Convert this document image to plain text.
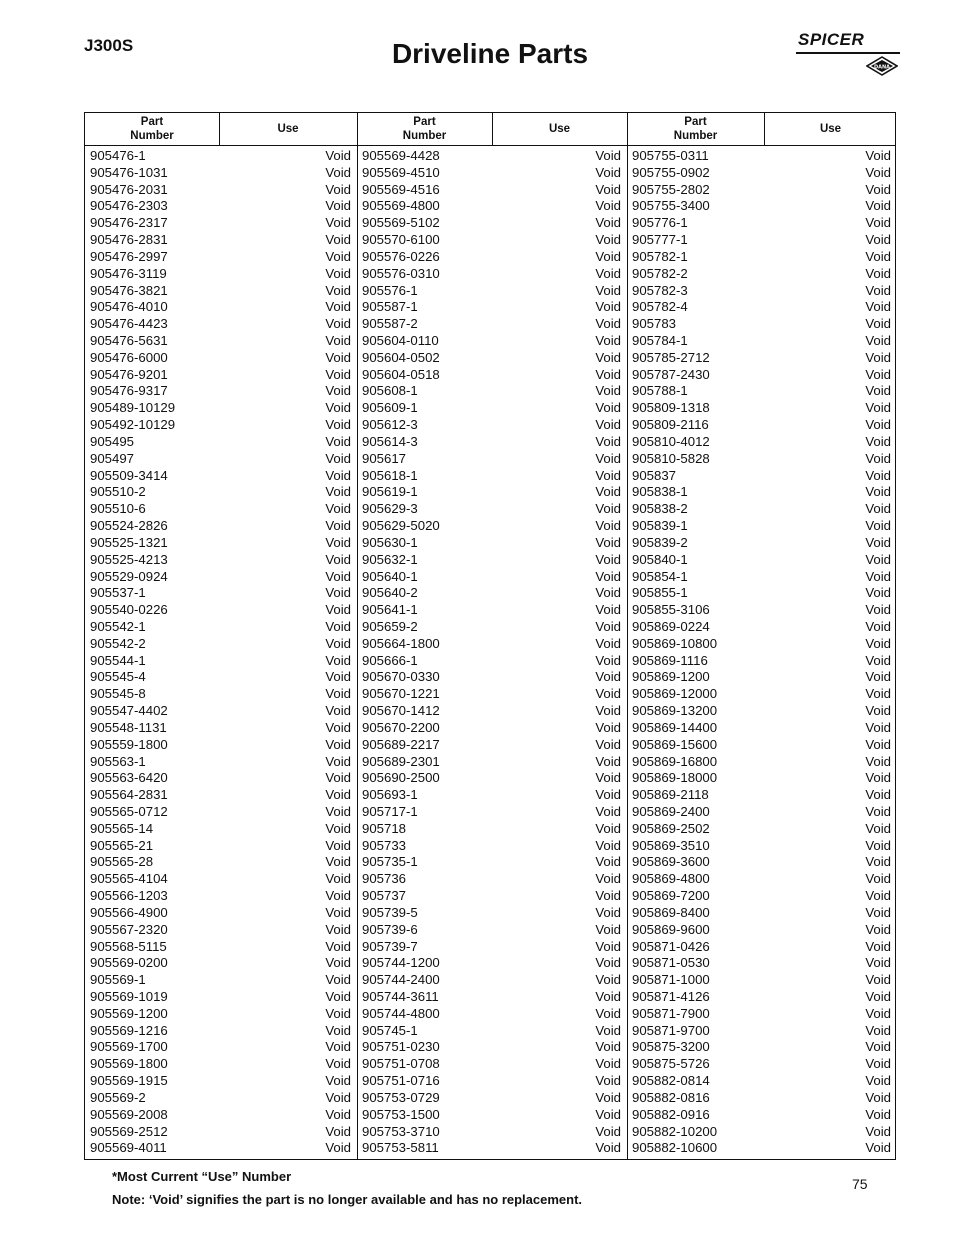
J300S	Driveline Parts	SPICER
DANA
Part
Number
Use
Part
Number
Use
Part
Number
Use
905476-1	Void
905476-1031	Void
905476-2031	Void
905476-2303	Void
905476-2317	Void
905476-2831	Void
905476-2997	Void
905476-3119	Void
905476-3821	Void
905476-4010	Void
905476-4423	Void
905476-5631	Void
905476-6000	Void
905476-9201	Void
905476-9317	Void
905489-10129	Void
905492-10129	Void
905495	Void
905497	Void
905509-3414	Void
905510-2	Void
905510-6	Void
905524-2826	Void
905525-1321	Void
905525-4213	Void
905529-0924	Void
905537-1	Void
905540-0226	Void
905542-1	Void
905542-2	Void
905544-1	Void
905545-4	Void
905545-8	Void
905547-4402	Void
905548-1131	Void
905559-1800	Void
905563-1	Void
905563-6420	Void
905564-2831	Void
905565-0712	Void
905565-14	Void
905565-21	Void
905565-28	Void
905565-4104	Void
905566-1203	Void
905566-4900	Void
905567-2320	Void
905568-5115	Void
905569-0200	Void
905569-1	Void
905569-1019	Void
905569-1200	Void
905569-1216	Void
905569-1700	Void
905569-1800	Void
905569-1915	Void
905569-2	Void
905569-2008	Void
905569-2512	Void
905569-4011	Void
905569-4428	Void
905569-4510	Void
905569-4516	Void
905569-4800	Void
905569-5102	Void
905570-6100	Void
905576-0226	Void
905576-0310	Void
905576-1	Void
905587-1	Void
905587-2	Void
905604-0110	Void
905604-0502	Void
905604-0518	Void
905608-1	Void
905609-1	Void
905612-3	Void
905614-3	Void
905617	Void
905618-1	Void
905619-1	Void
905629-3	Void
905629-5020	Void
905630-1	Void
905632-1	Void
905640-1	Void
905640-2	Void
905641-1	Void
905659-2	Void
905664-1800	Void
905666-1	Void
905670-0330	Void
905670-1221	Void
905670-1412	Void
905670-2200	Void
905689-2217	Void
905689-2301	Void
905690-2500	Void
905693-1	Void
905717-1	Void
905718	Void
905733	Void
905735-1	Void
905736	Void
905737	Void
905739-5	Void
905739-6	Void
905739-7	Void
905744-1200	Void
905744-2400	Void
905744-3611	Void
905744-4800	Void
905745-1	Void
905751-0230	Void
905751-0708	Void
905751-0716	Void
905753-0729	Void
905753-1500	Void
905753-3710	Void
905753-5811	Void
905755-0311	Void
905755-0902	Void
905755-2802	Void
905755-3400	Void
905776-1	Void
905777-1	Void
905782-1	Void
905782-2	Void
905782-3	Void
905782-4	Void
905783	Void
905784-1	Void
905785-2712	Void
905787-2430	Void
905788-1	Void
905809-1318	Void
905809-2116	Void
905810-4012	Void
905810-5828	Void
905837	Void
905838-1	Void
905838-2	Void
905839-1	Void
905839-2	Void
905840-1	Void
905854-1	Void
905855-1	Void
905855-3106	Void
905869-0224	Void
905869-10800	Void
905869-1116	Void
905869-1200	Void
905869-12000	Void
905869-13200	Void
905869-14400	Void
905869-15600	Void
905869-16800	Void
905869-18000	Void
905869-2118	Void
905869-2400	Void
905869-2502	Void
905869-3510	Void
905869-3600	Void
905869-4800	Void
905869-7200	Void
905869-8400	Void
905869-9600	Void
905871-0426	Void
905871-0530	Void
905871-1000	Void
905871-4126	Void
905871-7900	Void
905871-9700	Void
905875-3200	Void
905875-5726	Void
905882-0814	Void
905882-0816	Void
905882-0916	Void
905882-10200	Void
905882-10600	Void
*Most Current “Use” Number
Note: ‘Void’ signifies the part is no longer available and has no replacement.
75
